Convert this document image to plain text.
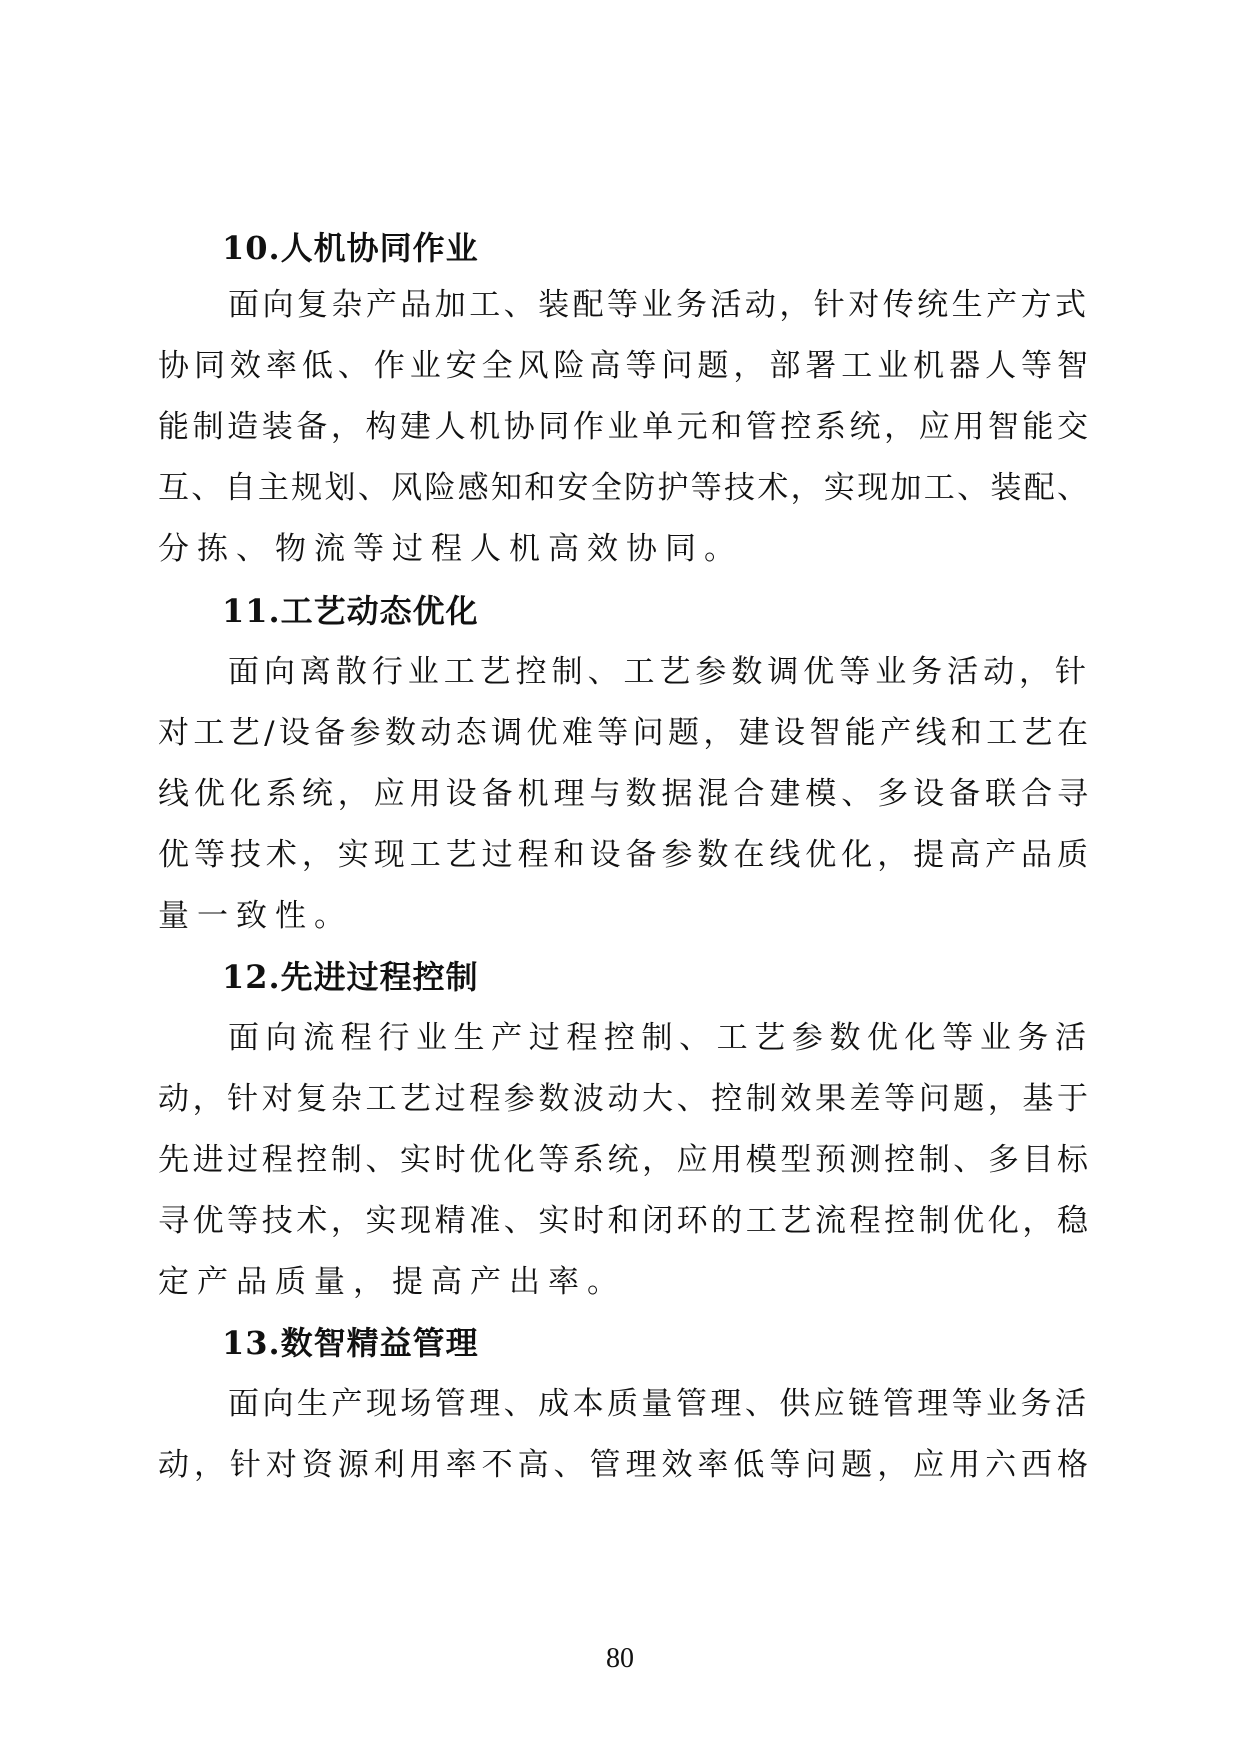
10.人机协同作业
面向复杂产品加工、装配等业务活动，针对传统生产方式
协同效率低、作业安全风险高等问题，部署工业机器人等智
能制造装备，构建人机协同作业单元和管控系统，应用智能交
互、自主规划、风险感知和安全防护等技术，实现加工、装配、
分拣、物流等过程人机高效协同。
11.工艺动态优化
面向离散行业工艺控制、工艺参数调优等业务活动，针
对工艺/设备参数动态调优难等问题，建设智能产线和工艺在
线优化系统，应用设备机理与数据混合建模、多设备联合寻
优等技术，实现工艺过程和设备参数在线优化，提高产品质
量一致性。
12.先进过程控制
面向流程行业生产过程控制、工艺参数优化等业务活
动，针对复杂工艺过程参数波动大、控制效果差等问题，基于
先进过程控制、实时优化等系统，应用模型预测控制、多目标
寻优等技术，实现精准、实时和闭环的工艺流程控制优化，稳
定产品质量，提高产出率。
13.数智精益管理
面向生产现场管理、成本质量管理、供应链管理等业务活
动，针对资源利用率不高、管理效率低等问题，应用六西格
80
